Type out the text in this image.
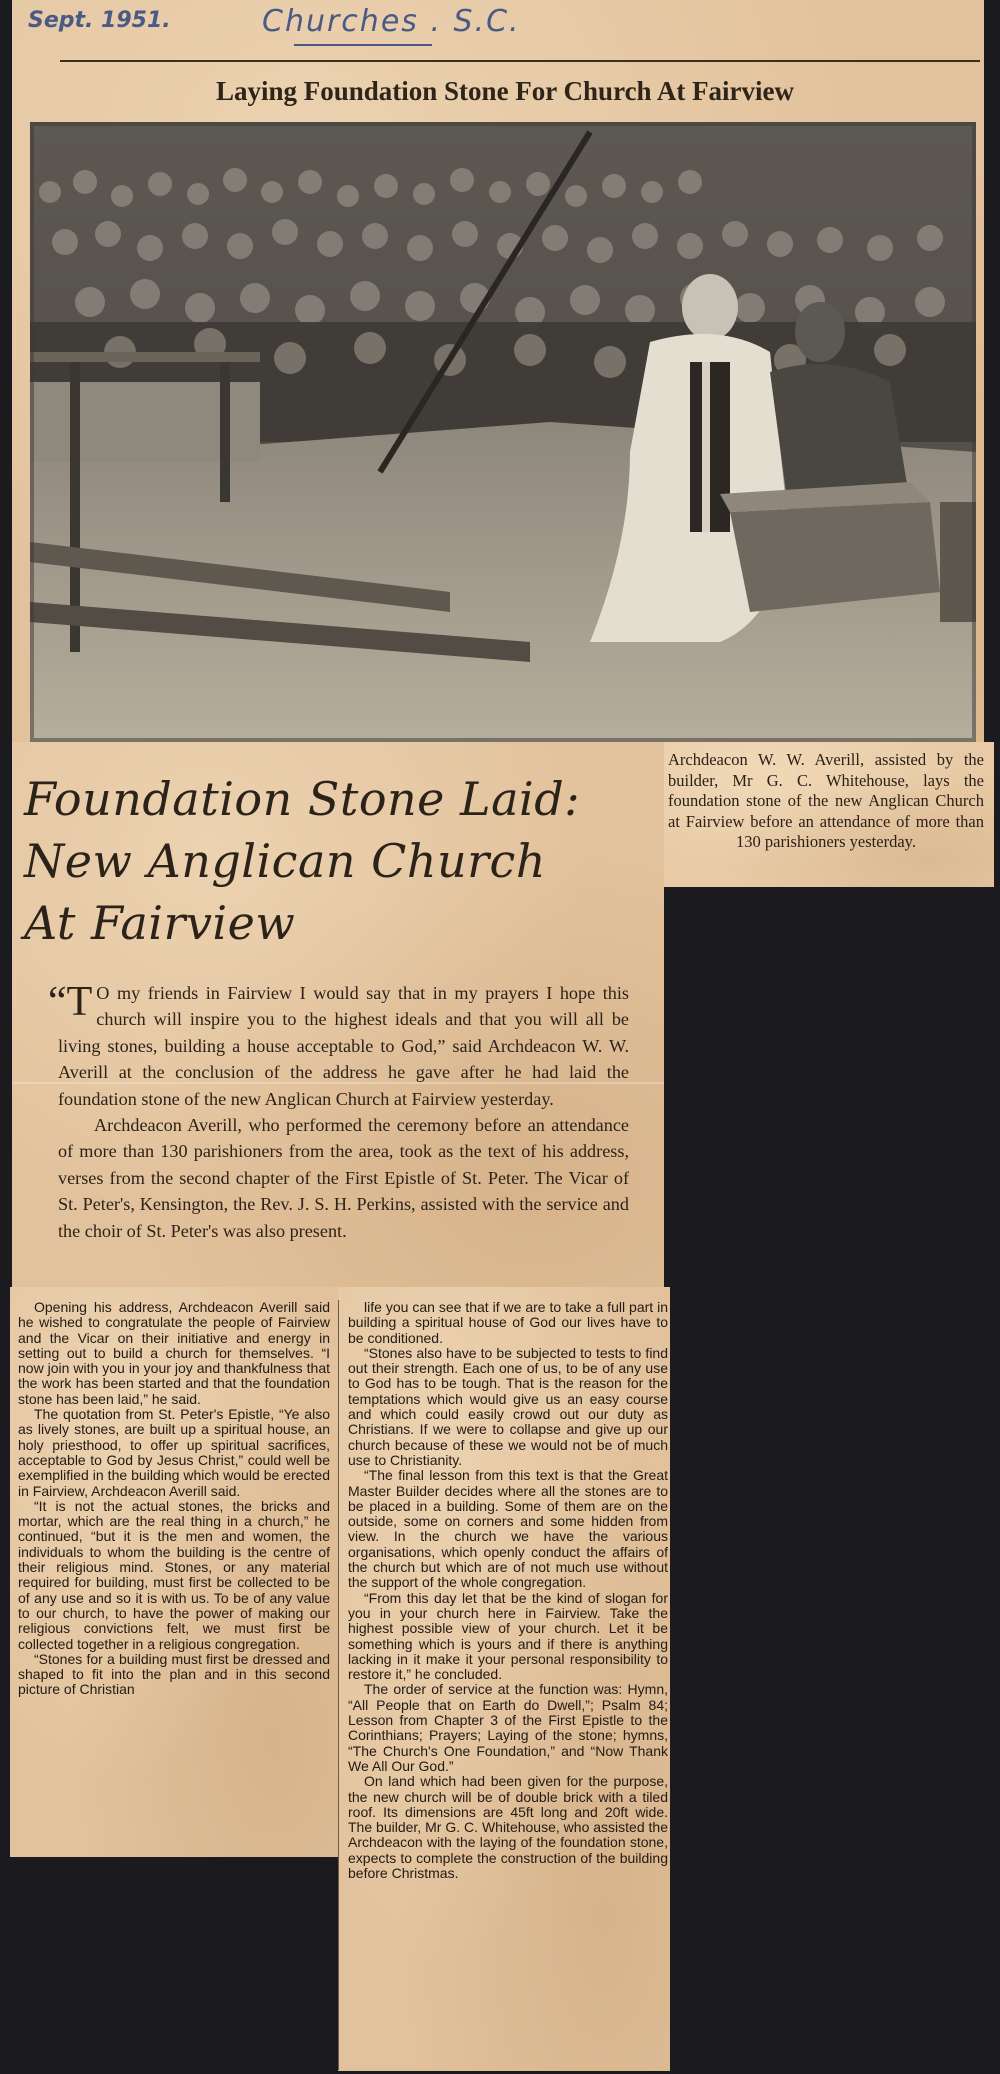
Sept. 1951.	Churches . S.C.
Laying Foundation Stone For Church At Fairview
Archdeacon W. W. Averill, assisted by the builder, Mr G. C. Whitehouse, lays the foundation stone of the new Anglican Church at Fairview before an attendance of more than 130 parishioners yesterday.
Foundation Stone Laid:
New Anglican Church
At Fairview

“T O my friends in Fairview I would say that in my prayers I hope this church will inspire you to the highest ideals and that you will all be living stones, building a house acceptable to God,” said Archdeacon W. W. Averill at the conclusion of the address he gave after he had laid the foundation stone of the new Anglican Church at Fairview yesterday.

Archdeacon Averill, who performed the ceremony before an attendance of more than 130 parishioners from the area, took as the text of his address, verses from the second chapter of the First Epistle of St. Peter. The Vicar of St. Peter's, Kensington, the Rev. J. S. H. Perkins, assisted with the service and the choir of St. Peter's was also present.

Opening his address, Archdeacon Averill said he wished to congratulate the people of Fairview and the Vicar on their initiative and energy in setting out to build a church for themselves. “I now join with you in your joy and thankfulness that the work has been started and that the foundation stone has been laid,” he said.

The quotation from St. Peter's Epistle, “Ye also as lively stones, are built up a spiritual house, an holy priesthood, to offer up spiritual sacrifices, acceptable to God by Jesus Christ,” could well be exemplified in the building which would be erected in Fairview, Archdeacon Averill said.

“It is not the actual stones, the bricks and mortar, which are the real thing in a church,” he continued, “but it is the men and women, the individuals to whom the building is the centre of their religious mind. Stones, or any material required for building, must first be collected to be of any use and so it is with us. To be of any value to our church, to have the power of making our religious convictions felt, we must first be collected together in a religious congregation.

“Stones for a building must first be dressed and shaped to fit into the plan and in this second picture of Christian

life you can see that if we are to take a full part in building a spiritual house of God our lives have to be conditioned.

“Stones also have to be subjected to tests to find out their strength. Each one of us, to be of any use to God has to be tough. That is the reason for the temptations which would give us an easy course and which could easily crowd out our duty as Christians. If we were to collapse and give up our church because of these we would not be of much use to Christianity.

“The final lesson from this text is that the Great Master Builder decides where all the stones are to be placed in a building. Some of them are on the outside, some on corners and some hidden from view. In the church we have the various organisations, which openly conduct the affairs of the church but which are of not much use without the support of the whole congregation.

“From this day let that be the kind of slogan for you in your church here in Fairview. Take the highest possible view of your church. Let it be something which is yours and if there is anything lacking in it make it your personal responsibility to restore it,” he concluded.

The order of service at the function was: Hymn, “All People that on Earth do Dwell,”; Psalm 84; Lesson from Chapter 3 of the First Epistle to the Corinthians; Prayers; Laying of the stone; hymns, “The Church's One Foundation,” and “Now Thank We All Our God.”

On land which had been given for the purpose, the new church will be of double brick with a tiled roof. Its dimensions are 45ft long and 20ft wide. The builder, Mr G. C. Whitehouse, who assisted the Archdeacon with the laying of the foundation stone, expects to complete the construction of the building before Christmas.
